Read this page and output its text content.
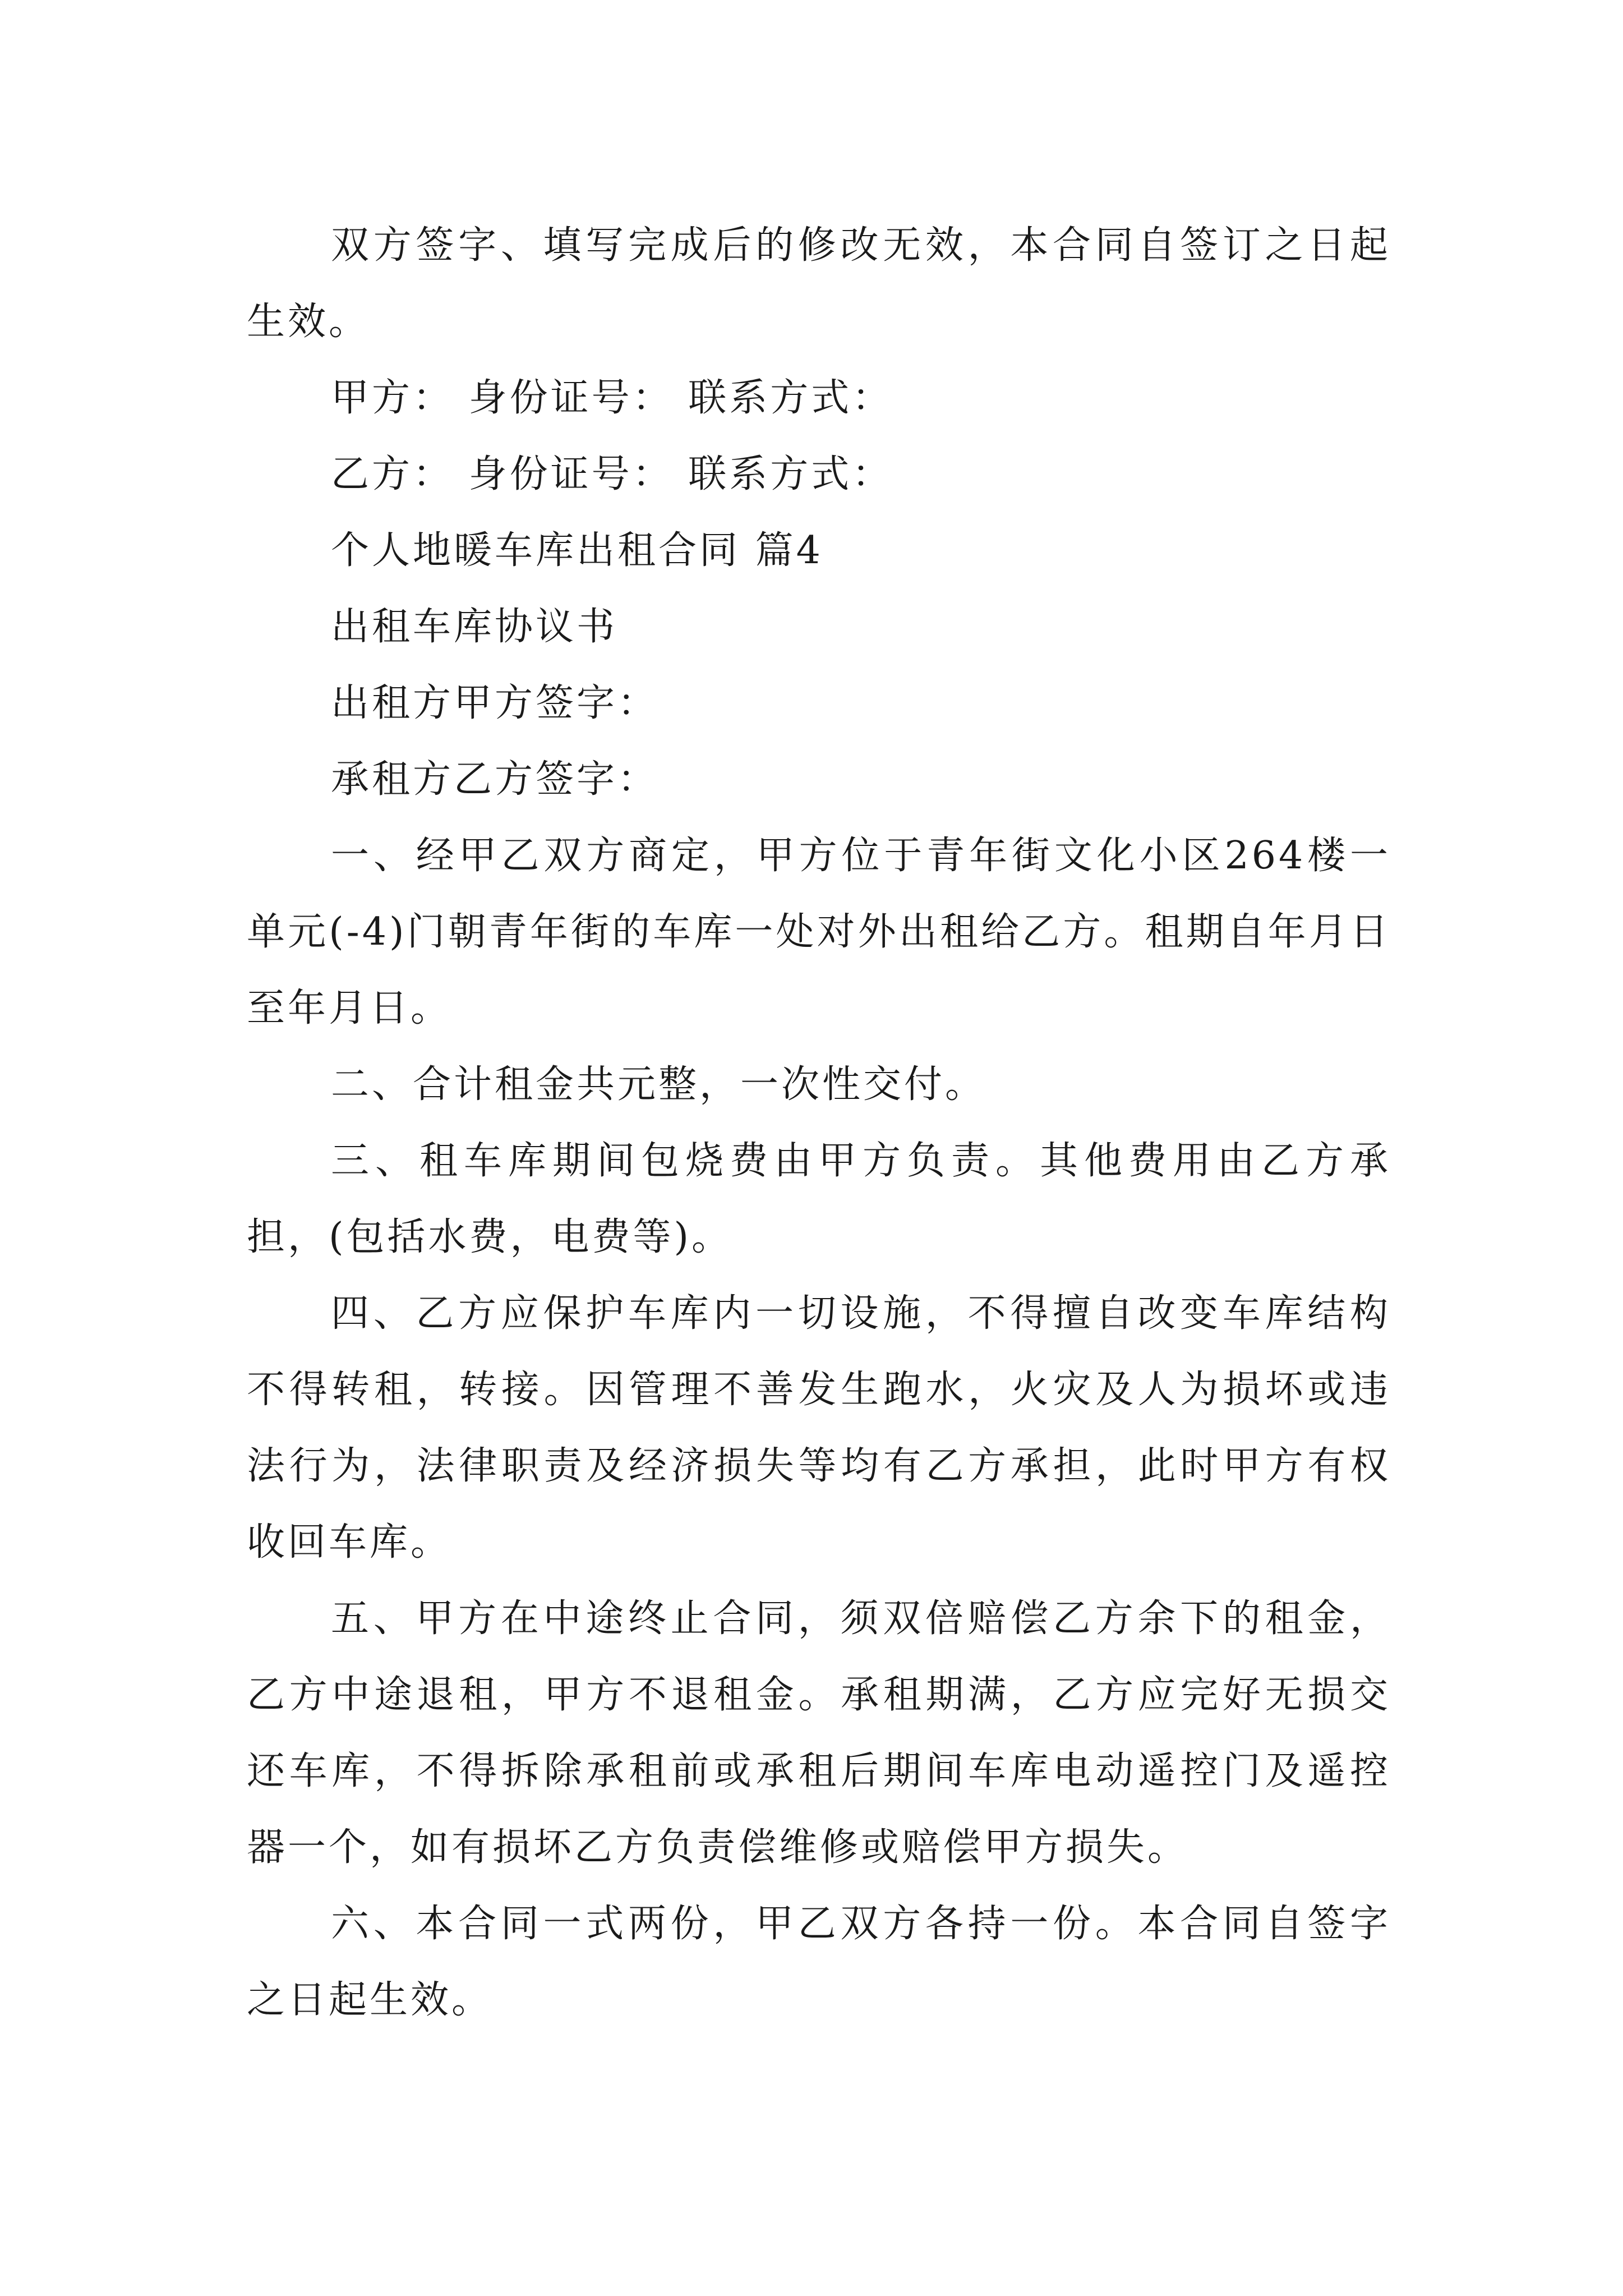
双方签字、填写完成后的修改无效，本合同自签订之日起生效。

甲方： 身份证号： 联系方式：

乙方： 身份证号： 联系方式：

个人地暖车库出租合同 篇4

出租车库协议书

出租方甲方签字：

承租方乙方签字：

一、经甲乙双方商定，甲方位于青年街文化小区264楼一单元(-4)门朝青年街的车库一处对外出租给乙方。租期自年月日至年月日。

二、合计租金共元整，一次性交付。

三、租车库期间包烧费由甲方负责。其他费用由乙方承担，(包括水费，电费等)。

四、乙方应保护车库内一切设施，不得擅自改变车库结构不得转租，转接。因管理不善发生跑水，火灾及人为损坏或违法行为，法律职责及经济损失等均有乙方承担，此时甲方有权收回车库。

五、甲方在中途终止合同，须双倍赔偿乙方余下的租金，乙方中途退租，甲方不退租金。承租期满，乙方应完好无损交还车库，不得拆除承租前或承租后期间车库电动遥控门及遥控器一个，如有损坏乙方负责偿维修或赔偿甲方损失。

六、本合同一式两份，甲乙双方各持一份。本合同自签字之日起生效。
